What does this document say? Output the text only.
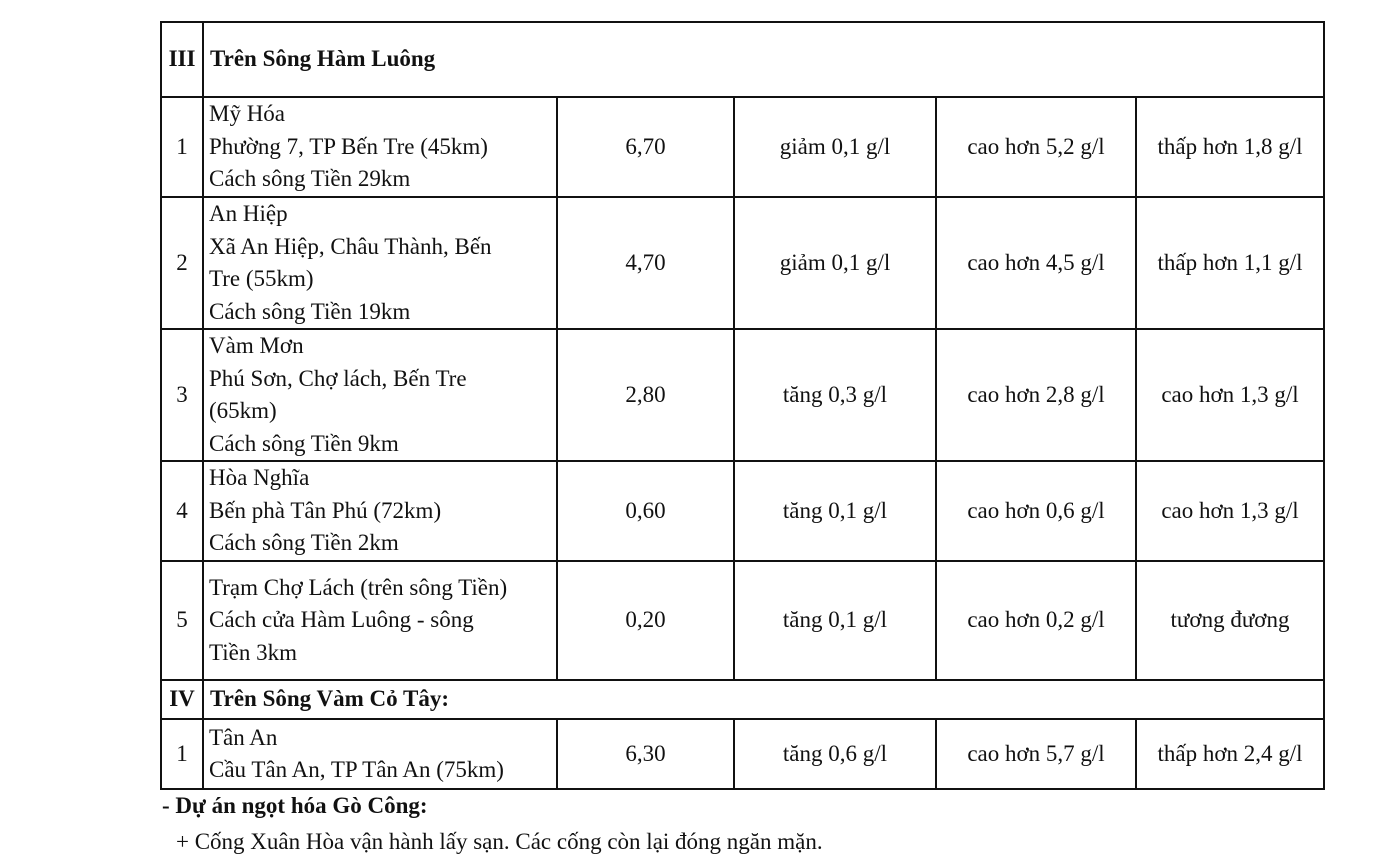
III	Trên Sông Hàm Luông				
1	Mỹ Hóa
Phường 7, TP Bến Tre (45km)
Cách sông Tiền 29km	6,70	giảm 0,1 g/l	cao hơn 5,2 g/l	thấp hơn 1,8 g/l
2	An Hiệp
Xã An Hiệp, Châu Thành, Bến
Tre (55km)
Cách sông Tiền 19km	4,70	giảm 0,1 g/l	cao hơn 4,5 g/l	thấp hơn 1,1 g/l
3	Vàm Mơn
Phú Sơn, Chợ lách, Bến Tre
(65km)
Cách sông Tiền 9km	2,80	tăng 0,3 g/l	cao hơn 2,8 g/l	cao hơn 1,3 g/l
4	Hòa Nghĩa
Bến phà Tân Phú (72km)
Cách sông Tiền 2km	0,60	tăng 0,1 g/l	cao hơn 0,6 g/l	cao hơn 1,3 g/l
5	Trạm Chợ Lách (trên sông Tiền)
Cách cửa Hàm Luông - sông
Tiền 3km	0,20	tăng 0,1 g/l	cao hơn 0,2 g/l	tương đương
IV	Trên Sông Vàm Cỏ Tây:				
1	Tân An
Cầu Tân An, TP Tân An (75km)	6,30	tăng 0,6 g/l	cao hơn 5,7 g/l	thấp hơn 2,4 g/l
- Dự án ngọt hóa Gò Công:
+ Cống Xuân Hòa vận hành lấy sạn. Các cống còn lại đóng ngăn mặn.
